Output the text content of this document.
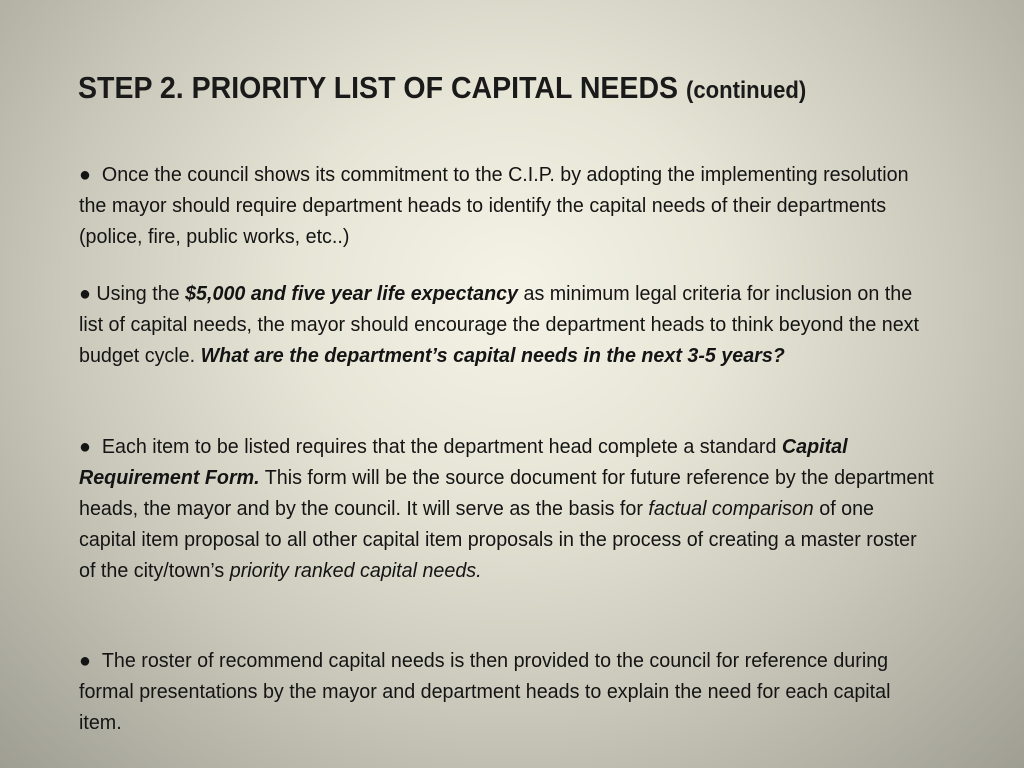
STEP 2. PRIORITY LIST OF CAPITAL NEEDS (continued)

● Once the council shows its commitment to the C.I.P. by adopting the implementing resolution the mayor should require department heads to identify the capital needs of their departments (police, fire, public works, etc..)

● Using the $5,000 and five year life expectancy as minimum legal criteria for inclusion on the list of capital needs, the mayor should encourage the department heads to think beyond the next budget cycle. What are the department’s capital needs in the next 3-5 years?

● Each item to be listed requires that the department head complete a standard Capital Requirement Form. This form will be the source document for future reference by the department heads, the mayor and by the council. It will serve as the basis for factual comparison of one capital item proposal to all other capital item proposals in the process of creating a master roster of the city/town’s priority ranked capital needs.

● The roster of recommend capital needs is then provided to the council for reference during formal presentations by the mayor and department heads to explain the need for each capital item.
